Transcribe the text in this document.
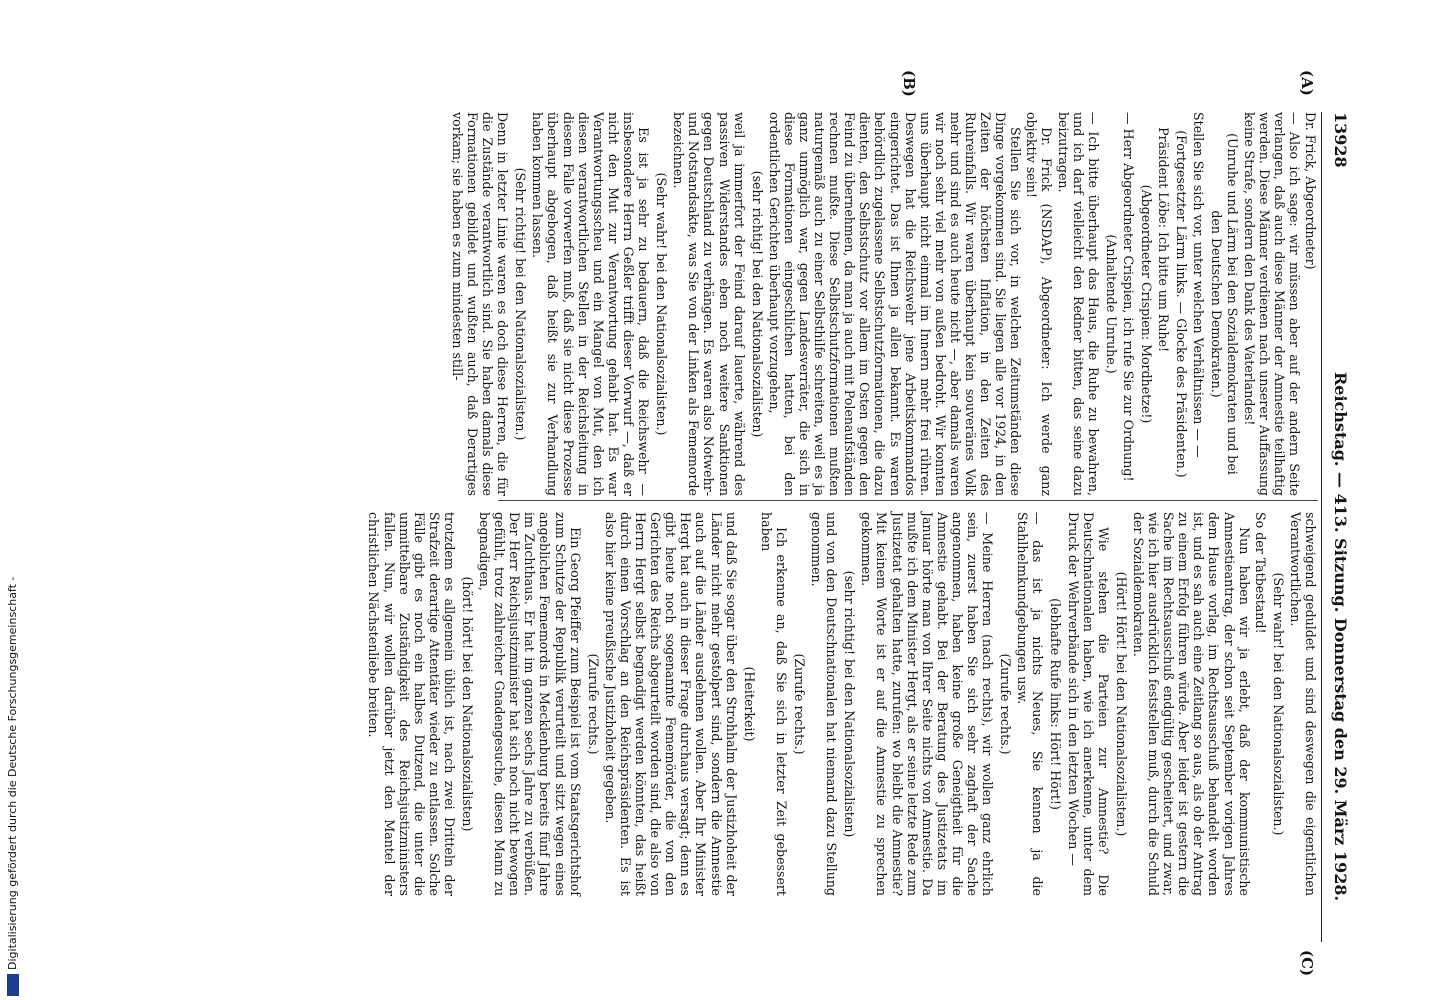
13928
Reichstag. — 413. Sitzung. Donnerstag den 29. März 1928.
(A)
(B)
(C)

Dr. Frick, Abgeordneter)

— Also ich sage: wir müssen aber auf der andern Seite verlangen, daß auch diese Männer der Amnestie teilhaftig werden. Diese Männer verdienen nach unserer Auffassung keine Strafe, sondern den Dank des Vaterlandes!

(Unruhe und Lärm bei den Sozialdemokraten und bei den Deutschen Demokraten.)

Stellen Sie sich vor, unter welchen Verhältnissen — —

(Fortgesetzter Lärm links. — Glocke des Präsidenten.)

Präsident Löbe: Ich bitte um Ruhe!

(Abgeordneter Crispien: Mordhetze!)

— Herr Abgeordneter Crispien, ich rufe Sie zur Ordnung!

(Anhaltende Unruhe.)

— Ich bitte überhaupt das Haus, die Ruhe zu bewahren, und ich darf vielleicht den Redner bitten, das seine dazu beizutragen.

Dr. Frick (NSDAP), Abgeordneter: Ich werde ganz objektiv sein!

Stellen Sie sich vor, in welchen Zeitumständen diese Dinge vorgekommen sind. Sie liegen alle vor 1924, in den Zeiten der höchsten Inflation, in den Zeiten des Ruhreinfalls. Wir waren überhaupt kein souveränes Volk mehr und sind es auch heute nicht —, aber damals waren wir noch sehr viel mehr von außen bedroht. Wir konnten uns überhaupt nicht einmal im Innern mehr frei rühren. Deswegen hat die Reichswehr jene Arbeitskommandos eingerichtet. Das ist Ihnen ja allen bekannt. Es waren behördlich zugelassene Selbstschutzformationen, die dazu dienten, den Selbstschutz vor allem im Osten gegen den Feind zu übernehmen, da man ja auch mit Polenaufständen rechnen mußte. Diese Selbstschutzformationen mußten naturgemäß auch zu einer Selbsthilfe schreiten, weil es ja ganz unmöglich war, gegen Landesverräter, die sich in diese Formationen eingeschlichen hatten, bei den ordentlichen Gerichten überhaupt vorzugehen,

(sehr richtig! bei den Nationalsozialisten)

weil ja immerfort der Feind darauf lauerte, während des passiven Widerstandes eben noch weitere Sanktionen gegen Deutschland zu verhängen. Es waren also Notwehr- und Notstandsakte, was Sie von der Linken als Fememorde bezeichnen.

(Sehr wahr! bei den Nationalsozialisten.)

Es ist ja sehr zu bedauern, daß die Reichswehr — insbesondere Herrn Geßler trifft dieser Vorwurf —, daß er nicht den Mut zur Verantwortung gehabt hat. Es war Verantwortungsscheu und ein Mangel von Mut, den ich diesen verantwortlichen Stellen in der Reichsleitung in diesem Falle vorwerfen muß, daß sie nicht diese Prozesse überhaupt abgebogen, daß heißt sie zur Verhandlung haben kommen lassen.

(Sehr richtig! bei den Nationalsozialisten.)

Denn in letzter Linie waren es doch diese Herren, die für die Zustände verantwortlich sind. Sie haben damals diese Formationen gebildet und wußten auch, daß Derartiges vorkam; sie haben es zum mindesten still-

schweigend geduldet und sind deswegen die eigentlichen Verantwortlichen.

(Sehr wahr! bei den Nationalsozialisten.)

So der Tatbestand!

Nun haben wir ja erlebt, daß der kommunistische Amnestieantrag, der schon seit September vorigen Jahres dem Hause vorlag, im Rechtsausschuß behandelt worden ist, und es sah auch eine Zeitlang so aus, als ob der Antrag zu einem Erfolg führen würde. Aber leider ist gestern die Sache im Rechtsausschuß endgültig gescheitert, und zwar, wie ich hier ausdrücklich feststellen muß, durch die Schuld der Sozialdemokraten.

(Hört! Hört! bei den Nationalsozialisten.)

Wie stehen die Parteien zur Amnestie? Die Deutschnationalen haben, wie ich anerkenne, unter dem Druck der Wehrverbände sich in den letzten Wochen —

(lebhafte Rufe links: Hört! Hört!)

— das ist ja nichts Neues, Sie kennen ja die Stahlhelmkundgebungen usw.

(Zurufe rechts.)

— Meine Herren (nach rechts), wir wollen ganz ehrlich sein, zuerst haben Sie sich sehr zaghaft der Sache angenommen, haben keine große Geneigtheit für die Amnestie gehabt. Bei der Beratung des Justizetats im Januar hörte man von Ihrer Seite nichts von Amnestie. Da mußte ich dem Minister Hergt, als er seine letzte Rede zum Justizetat gehalten hatte, zurufen: wo bleibt die Amnestie? Mit keinem Worte ist er auf die Amnestie zu sprechen gekommen.

(sehr richtig! bei den Nationalsozialisten)

und von den Deutschnationalen hat niemand dazu Stellung genommen.

(Zurufe rechts.)

Ich erkenne an, daß Sie sich in letzter Zeit gebessert haben

(Heiterkeit)

und daß Sie sogar über den Strohhalm der Justizhoheit der Länder nicht mehr gestolpert sind, sondern die Amnestie auch auf die Länder ausdehnen wollen. Aber Ihr Minister Hergt hat auch in dieser Frage durchaus versagt; denn es gibt heute noch sogenannte Fememörder, die von den Gerichten des Reichs abgeurteilt worden sind, die also von Herrn Hergt selbst begnadigt werden könnten, das heißt durch einen Vorschlag an den Reichspräsidenten. Es ist also hier keine preußische Justizhoheit gegeben.

(Zurufe rechts.)

Ein Georg Pfeiffer zum Beispiel ist vom Staatsgerichtshof zum Schutze der Republik verurteilt und sitzt wegen eines angeblichen Fememords in Mecklenburg bereits fünf Jahre im Zuchthaus. Er hat im ganzen sechs Jahre zu verbüßen. Der Herr Reichsjustizminister hat sich noch nicht bewogen gefühlt, trotz zahlreicher Gnadengesuche, diesen Mann zu begnadigen,

(hört! hört! bei den Nationalsozialisten)

trotzdem es allgemein üblich ist, nach zwei Dritteln der Strafzeit derartige Attentäter wieder zu entlassen. Solche Fälle gibt es noch ein halbes Dutzend, die unter die unmittelbare Zuständigkeit des Reichsjustizministers fallen. Nun, wir wollen darüber jetzt den Mantel der christlichen Nächstenliebe breiten.

Digitalisierung gefördert durch die Deutsche Forschungsgemeinschaft -
